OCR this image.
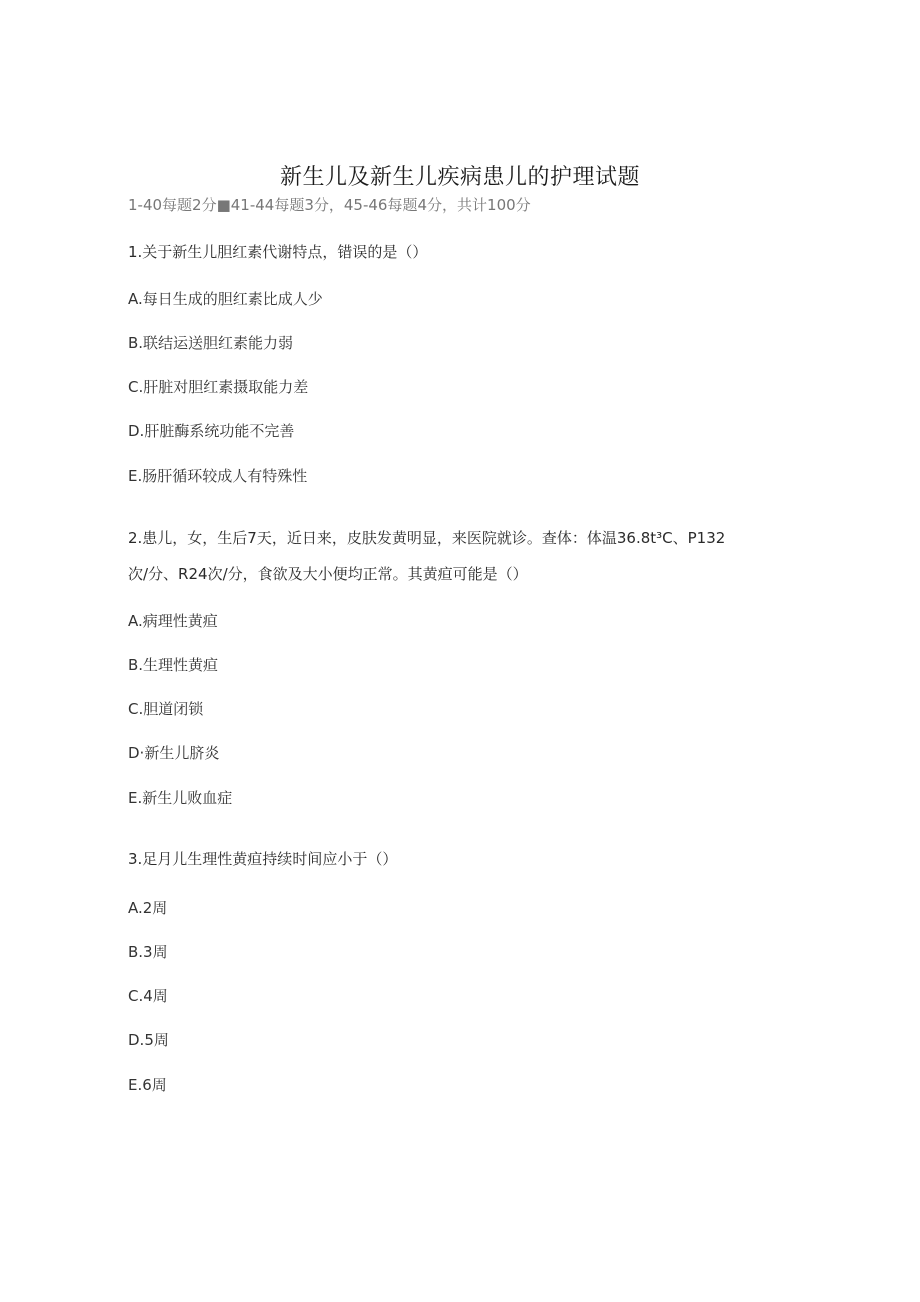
新生儿及新生儿疾病患儿的护理试题
1-40每题2分■41-44每题3分，45-46每题4分，共计100分
1.关于新生儿胆红素代谢特点，错误的是（）
A.每日生成的胆红素比成人少
B.联结运送胆红素能力弱
C.肝脏对胆红素摄取能力差
D.肝脏酶系统功能不完善
E.肠肝循环较成人有特殊性
2.患儿，女，生后7天，近日来，皮肤发黄明显，来医院就诊。查体：体温36.8t³C、P132
次/分、R24次/分，食欲及大小便均正常。其黄疸可能是（）
A.病理性黄疸
B.生理性黄疸
C.胆道闭锁
D·新生儿脐炎
E.新生儿败血症
3.足月儿生理性黄疸持续时间应小于（）
A.2周
B.3周
C.4周
D.5周
E.6周
